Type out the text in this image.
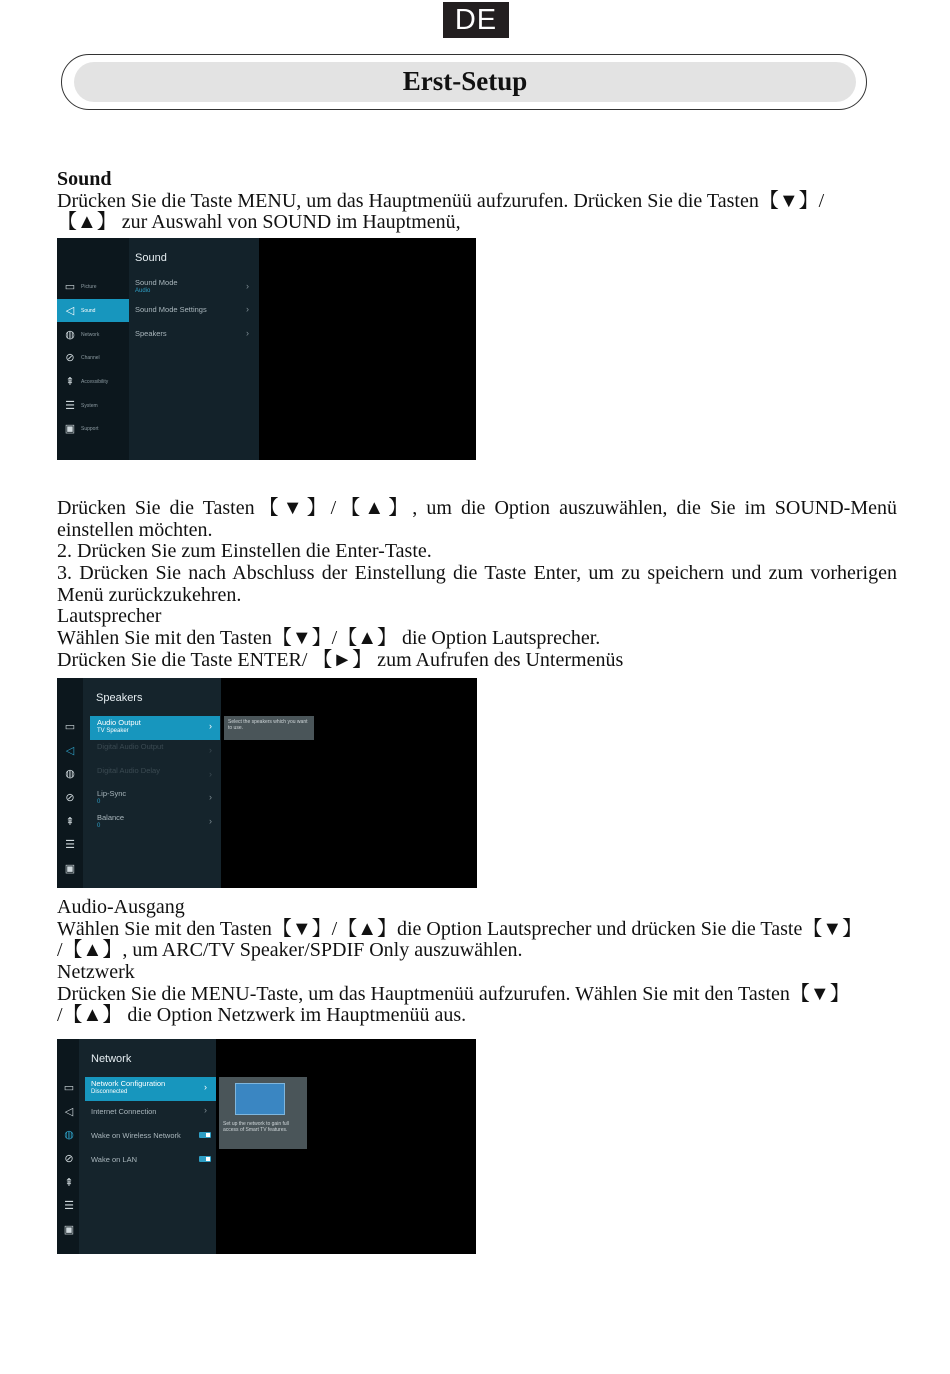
DE
Erst-Setup

Sound

Drücken Sie die Taste MENU, um das Hauptmenüü aufzurufen. Drücken Sie die Tasten【▼】/

【▲】 zur Auswahl von SOUND im Hauptmenü,

▭ Picture
◁	Sound
◍ Network
⊘ Channel
⇞ Accessibility
☰ System
▣ Support
Sound
Sound Mode
Audio	›
Sound Mode Settings	›
Speakers	›

Drücken Sie die Tasten【▼】/【▲】, um die Option auszuwählen, die Sie im SOUND-Menü einstellen möchten.

2. Drücken Sie zum Einstellen die Enter-Taste.

3. Drücken Sie nach Abschluss der Einstellung die Taste Enter, um zu speichern und zum vorherigen Menü zurückzukehren.

Lautsprecher

Wählen Sie mit den Tasten【▼】/【▲】 die Option Lautsprecher.

Drücken Sie die Taste ENTER/ 【►】 zum Aufrufen des Untermenüs

▭
◁
◍
⊘
⇞
☰
▣
Speakers
Audio Output
TV Speaker	›
Digital Audio Output	›
Digital Audio Delay	›
Lip-Sync
0	›
Balance
0	›
Select the speakers which you want to use.

Audio-Ausgang

Wählen Sie mit den Tasten【▼】/【▲】die Option Lautsprecher und drücken Sie die Taste【▼】

/【▲】, um ARC/TV Speaker/SPDIF Only auszuwählen.

Netzwerk

Drücken Sie die MENU-Taste, um das Hauptmenüü aufzurufen. Wählen Sie mit den Tasten【▼】

/【▲】 die Option Netzwerk im Hauptmenüü aus.

▭
◁
◍
⊘
⇞
☰
▣
Network
Network Configuration
Disconnected	›
Internet Connection	›
Wake on Wireless Network
Wake on LAN
Set up the network to gain full access of Smart TV features.
